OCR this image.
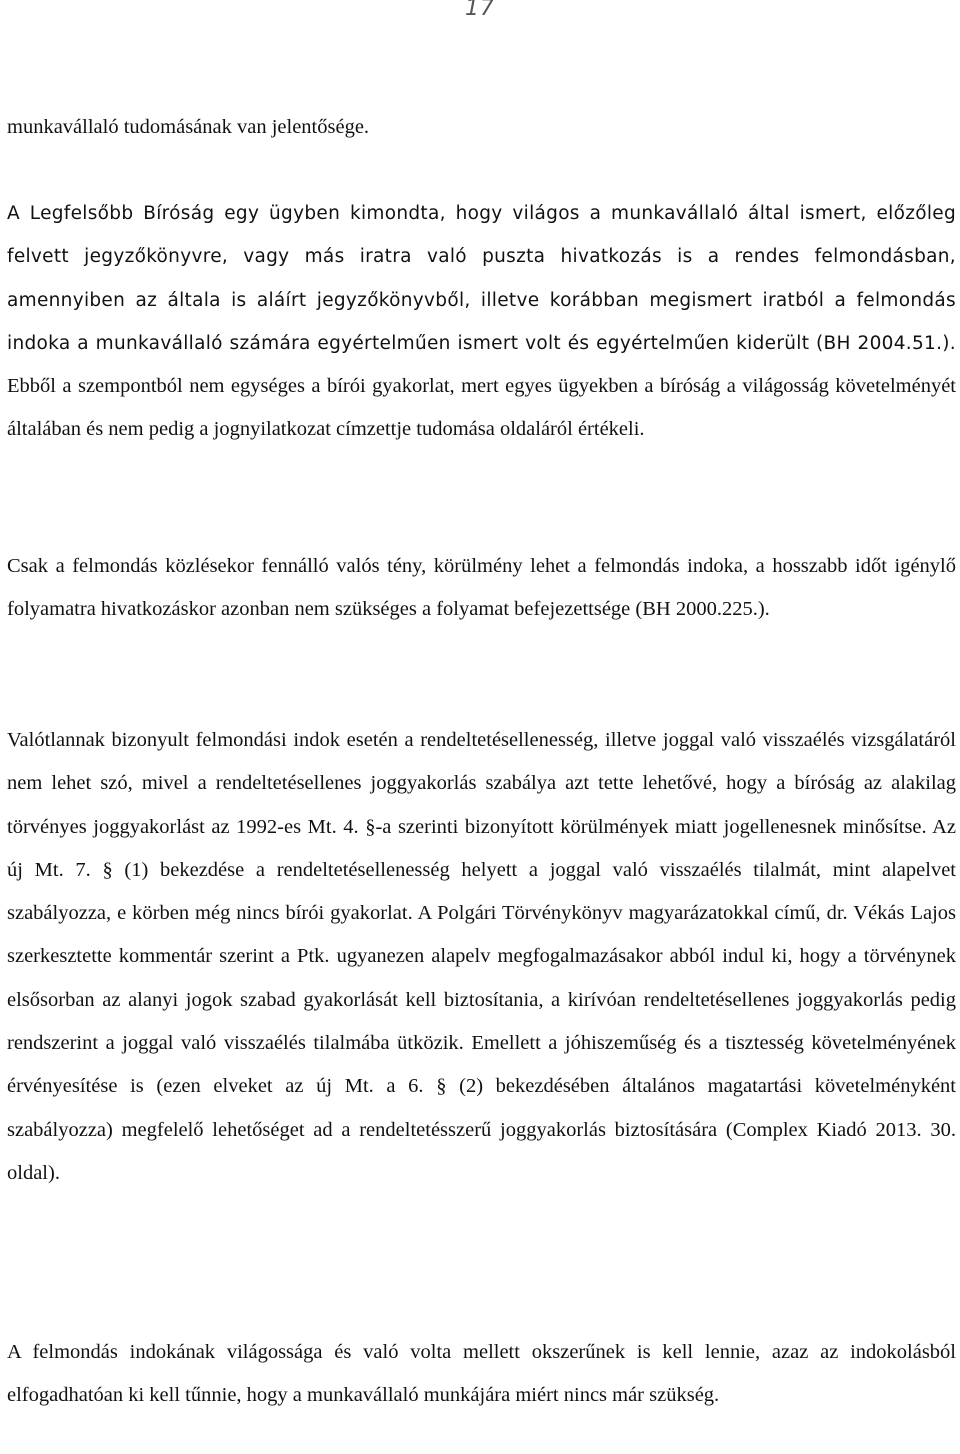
17

munkavállaló tudomásának van jelentősége.

A Legfelsőbb Bíróság egy ügyben kimondta, hogy világos a munkavállaló által ismert, előzőleg felvett jegyzőkönyvre, vagy más iratra való puszta hivatkozás is a rendes felmondásban, amennyiben az általa is aláírt jegyzőkönyvből, illetve korábban megismert iratból a felmondás indoka a munkavállaló számára egyértelműen ismert volt és egyértelműen kiderült (BH 2004.51.). Ebből a szempontból nem egységes a bírói gyakorlat, mert egyes ügyekben a bíróság a világosság követelményét általában és nem pedig a jognyilatkozat címzettje tudomása oldaláról értékeli.

Csak a felmondás közlésekor fennálló valós tény, körülmény lehet a felmondás indoka, a hosszabb időt igénylő folyamatra hivatkozáskor azonban nem szükséges a folyamat befejezettsége (BH 2000.225.).

Valótlannak bizonyult felmondási indok esetén a rendeltetésellenesség, illetve joggal való visszaélés vizsgálatáról nem lehet szó, mivel a rendeltetésellenes joggyakorlás szabálya azt tette lehetővé, hogy a bíróság az alakilag törvényes joggyakorlást az 1992-es Mt. 4. §-a szerinti bizonyított körülmények miatt jogellenesnek minősítse. Az új Mt. 7. § (1) bekezdése a rendeltetésellenesség helyett a joggal való visszaélés tilalmát, mint alapelvet szabályozza, e körben még nincs bírói gyakorlat. A Polgári Törvénykönyv magyarázatokkal című, dr. Vékás Lajos szerkesztette kommentár szerint a Ptk. ugyanezen alapelv megfogalmazásakor abból indul ki, hogy a törvénynek elsősorban az alanyi jogok szabad gyakorlását kell biztosítania, a kirívóan rendeltetésellenes joggyakorlás pedig rendszerint a joggal való visszaélés tilalmába ütközik. Emellett a jóhiszeműség és a tisztesség követelményének érvényesítése is (ezen elveket az új Mt. a 6. § (2) bekezdésében általános magatartási követelményként szabályozza) megfelelő lehetőséget ad a rendeltetésszerű joggyakorlás biztosítására (Complex Kiadó 2013. 30. oldal).

A felmondás indokának világossága és való volta mellett okszerűnek is kell lennie, azaz az indokolásból elfogadhatóan ki kell tűnnie, hogy a munkavállaló munkájára miért nincs már szükség.
